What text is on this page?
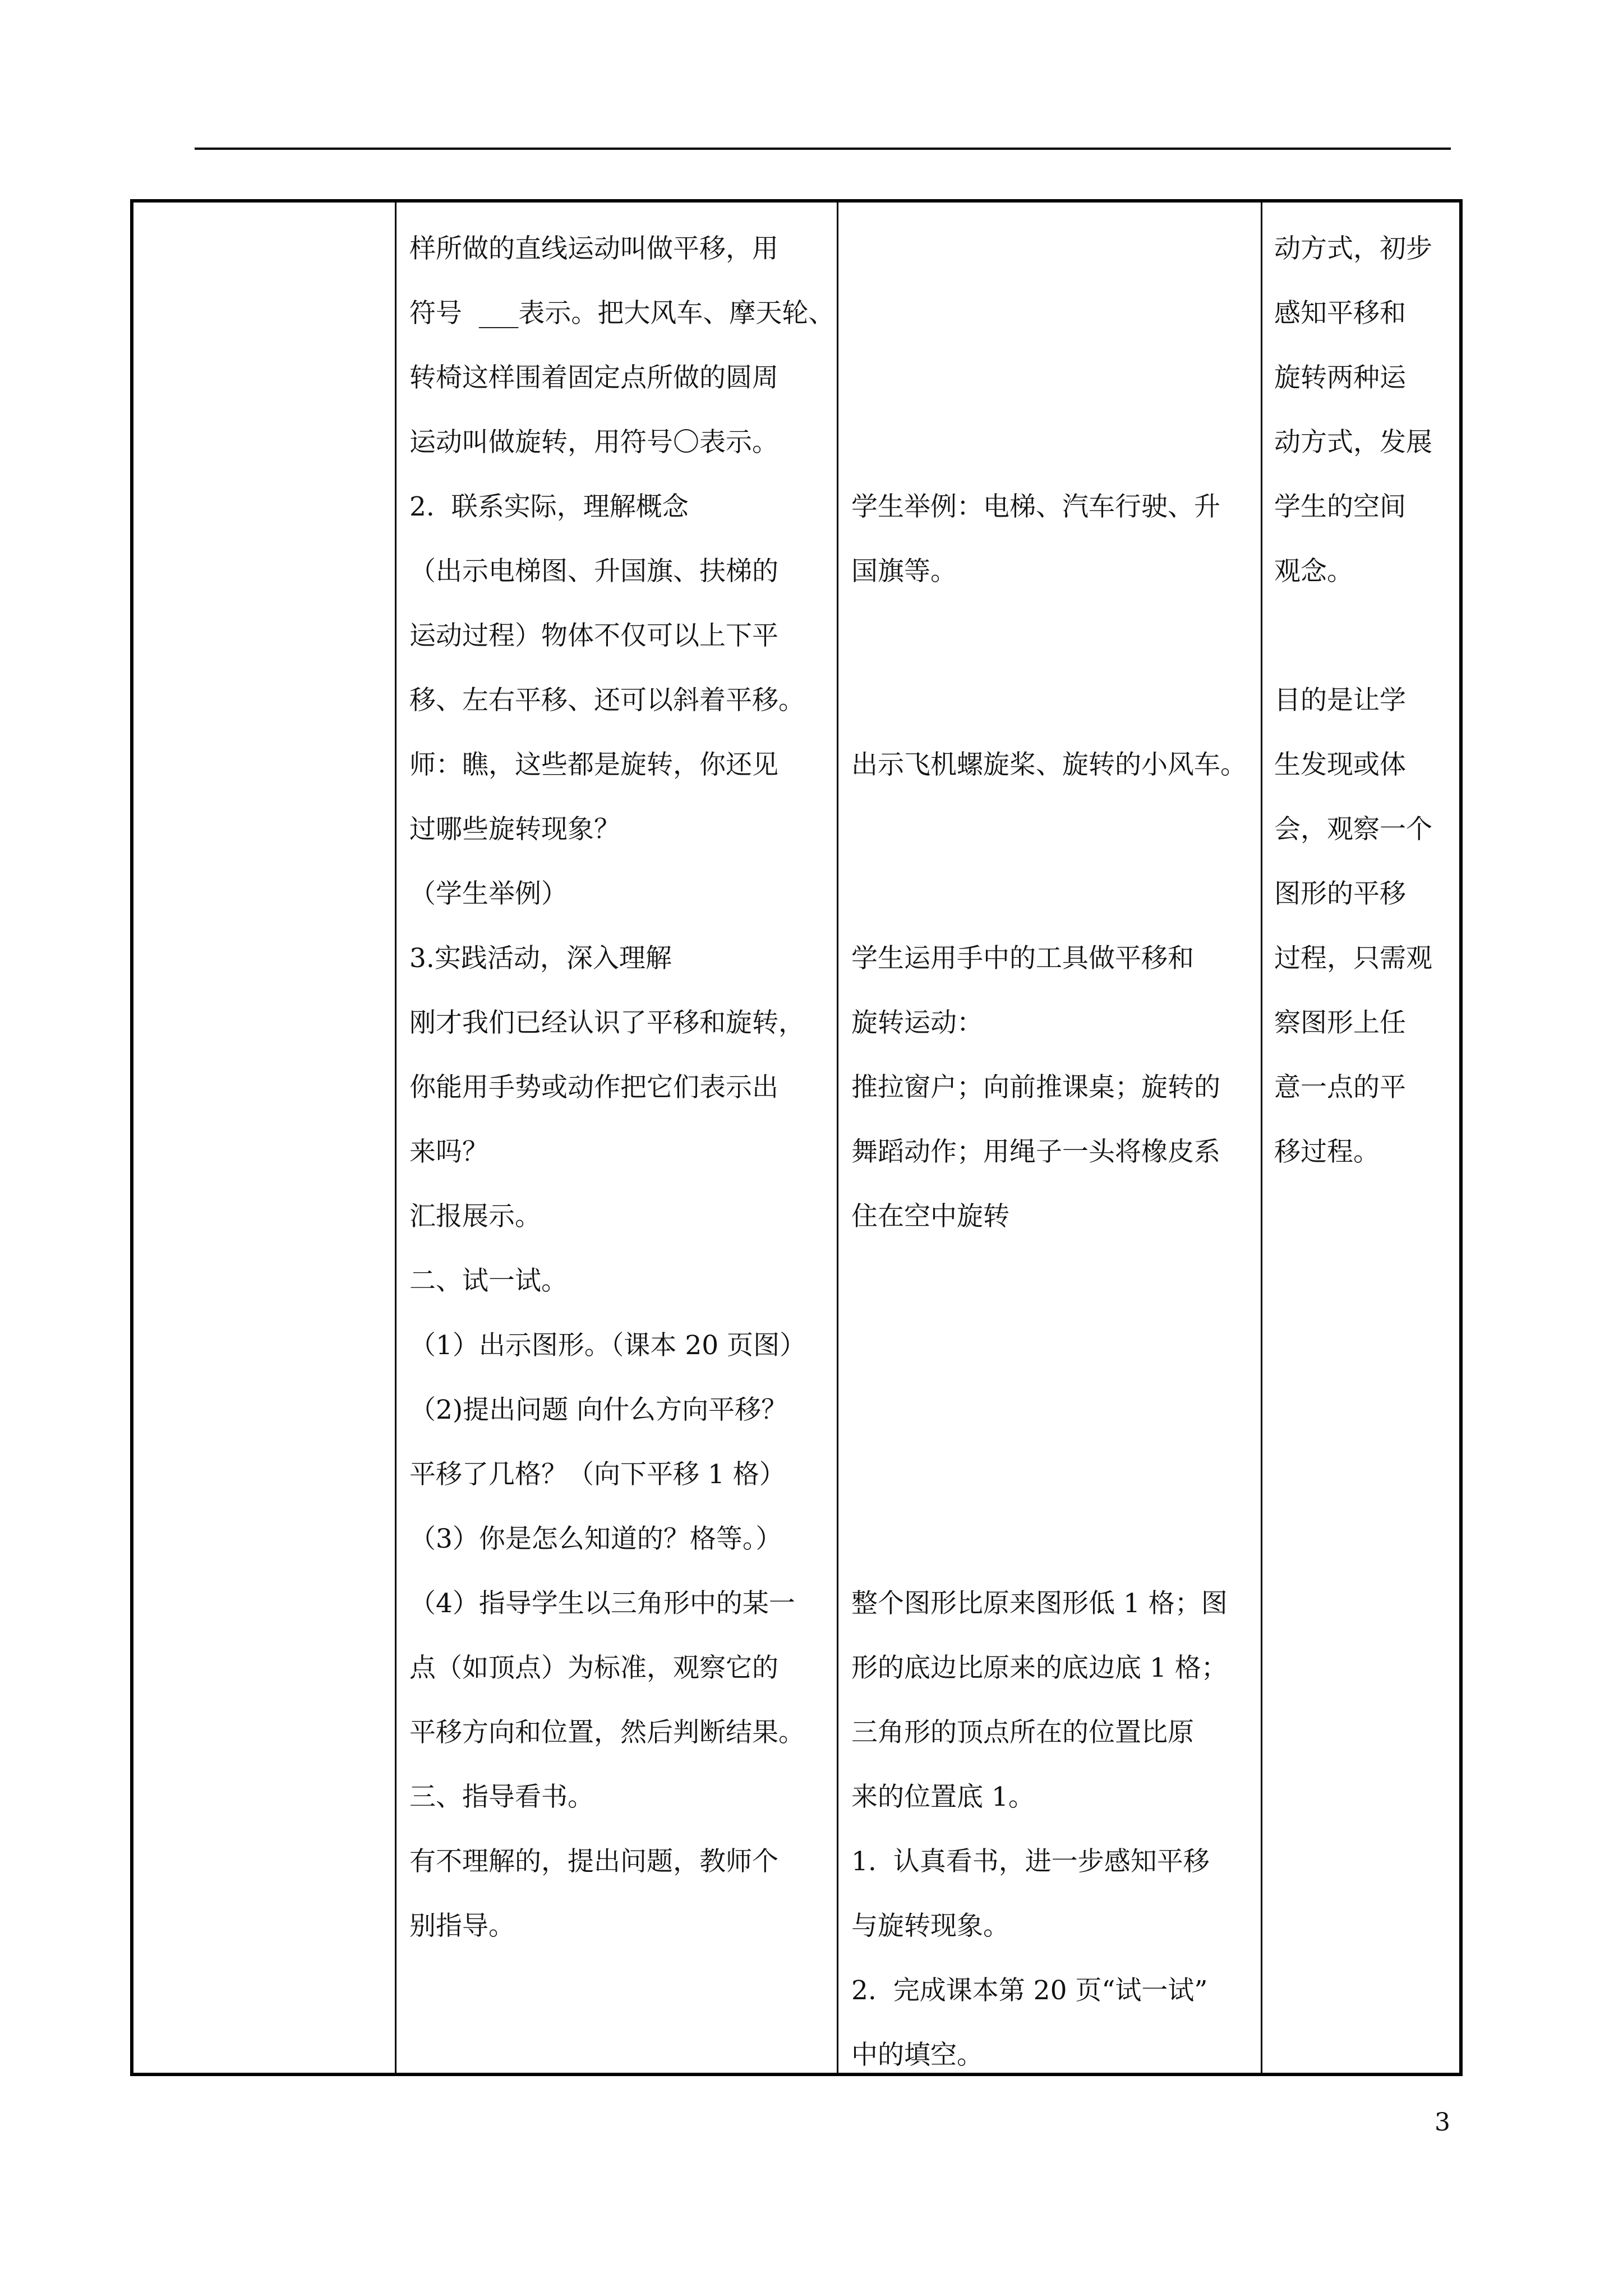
样所做的直线运动叫做平移，用
符号  ___表示。把大风车、摩天轮、
转椅这样围着固定点所做的圆周
运动叫做旋转，用符号〇表示。
2.  联系实际，理解概念
（出示电梯图、升国旗、扶梯的
运动过程）物体不仅可以上下平
移、左右平移、还可以斜着平移。
师：瞧，这些都是旋转，你还见
过哪些旋转现象？
（学生举例）
3.实践活动，深入理解
刚才我们已经认识了平移和旋转，
你能用手势或动作把它们表示出
来吗？
汇报展示。
二、试一试。
（1）出示图形。（课本 20 页图）
（2)提出问题 向什么方向平移？
平移了几格？（向下平移 1 格）
（3）你是怎么知道的？格等。）
（4）指导学生以三角形中的某一
点（如顶点）为标准，观察它的
平移方向和位置，然后判断结果。
三、指导看书。
有不理解的，提出问题，教师个
别指导。
学生举例：电梯、汽车行驶、升
国旗等。
出示飞机螺旋桨、旋转的小风车。
学生运用手中的工具做平移和
旋转运动：
推拉窗户；向前推课桌；旋转的
舞蹈动作；用绳子一头将橡皮系
住在空中旋转
整个图形比原来图形低 1 格；图
形的底边比原来的底边底 1 格；
三角形的顶点所在的位置比原
来的位置底 1。
1.  认真看书，进一步感知平移
与旋转现象。
2.  完成课本第 20 页“试一试”
中的填空。
动方式，初步
感知平移和
旋转两种运
动方式，发展
学生的空间
观念。
目的是让学
生发现或体
会，观察一个
图形的平移
过程，只需观
察图形上任
意一点的平
移过程。
3
